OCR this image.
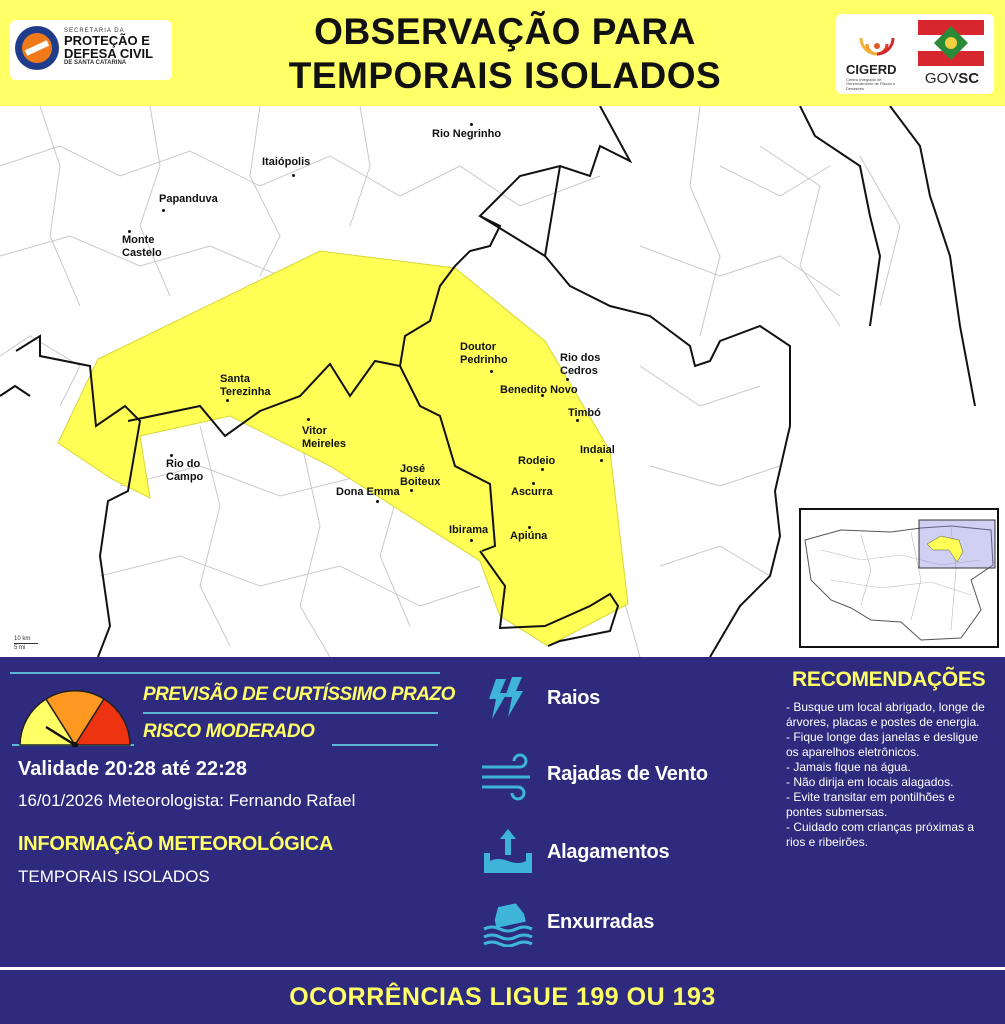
SECRETARIA DA
PROTEÇÃO E
DEFESA CIVIL
DE SANTA CATARINA
OBSERVAÇÃO PARA
TEMPORAIS ISOLADOS	CIGERD
Centro Integrado de Gerenciamento de Riscos e Desastres
GOVSC
Rio Negrinho
Itaiópolis
Papanduva
Monte
Castelo
Doutor
Pedrinho	Rio dos
Cedros
Benedito Novo
Timbó
Santa
Terezinha
Vitor
Meireles	Indaial
Rodeio
Rio do
Campo
José
Boiteux
Ascurra
Dona Emma
Ibirama Apiúna
10 km
5 mi
PREVISÃO DE CURTÍSSIMO PRAZO
RISCO MODERADO
Validade 20:28 até 22:28
16/01/2026 Meteorologista: Fernando Rafael
INFORMAÇÃO METEOROLÓGICA
TEMPORAIS ISOLADOS
Raios
Rajadas de Vento
Alagamentos
Enxurradas
RECOMENDAÇÕES
- Busque um local abrigado, longe de árvores, placas e postes de energia.
- Fique longe das janelas e desligue os aparelhos eletrônicos.
- Jamais fique na água.
- Não dirija em locais alagados.
- Evite transitar em pontilhões e pontes submersas.
- Cuidado com crianças próximas a rios e ribeirões.
OCORRÊNCIAS LIGUE 199 OU 193
